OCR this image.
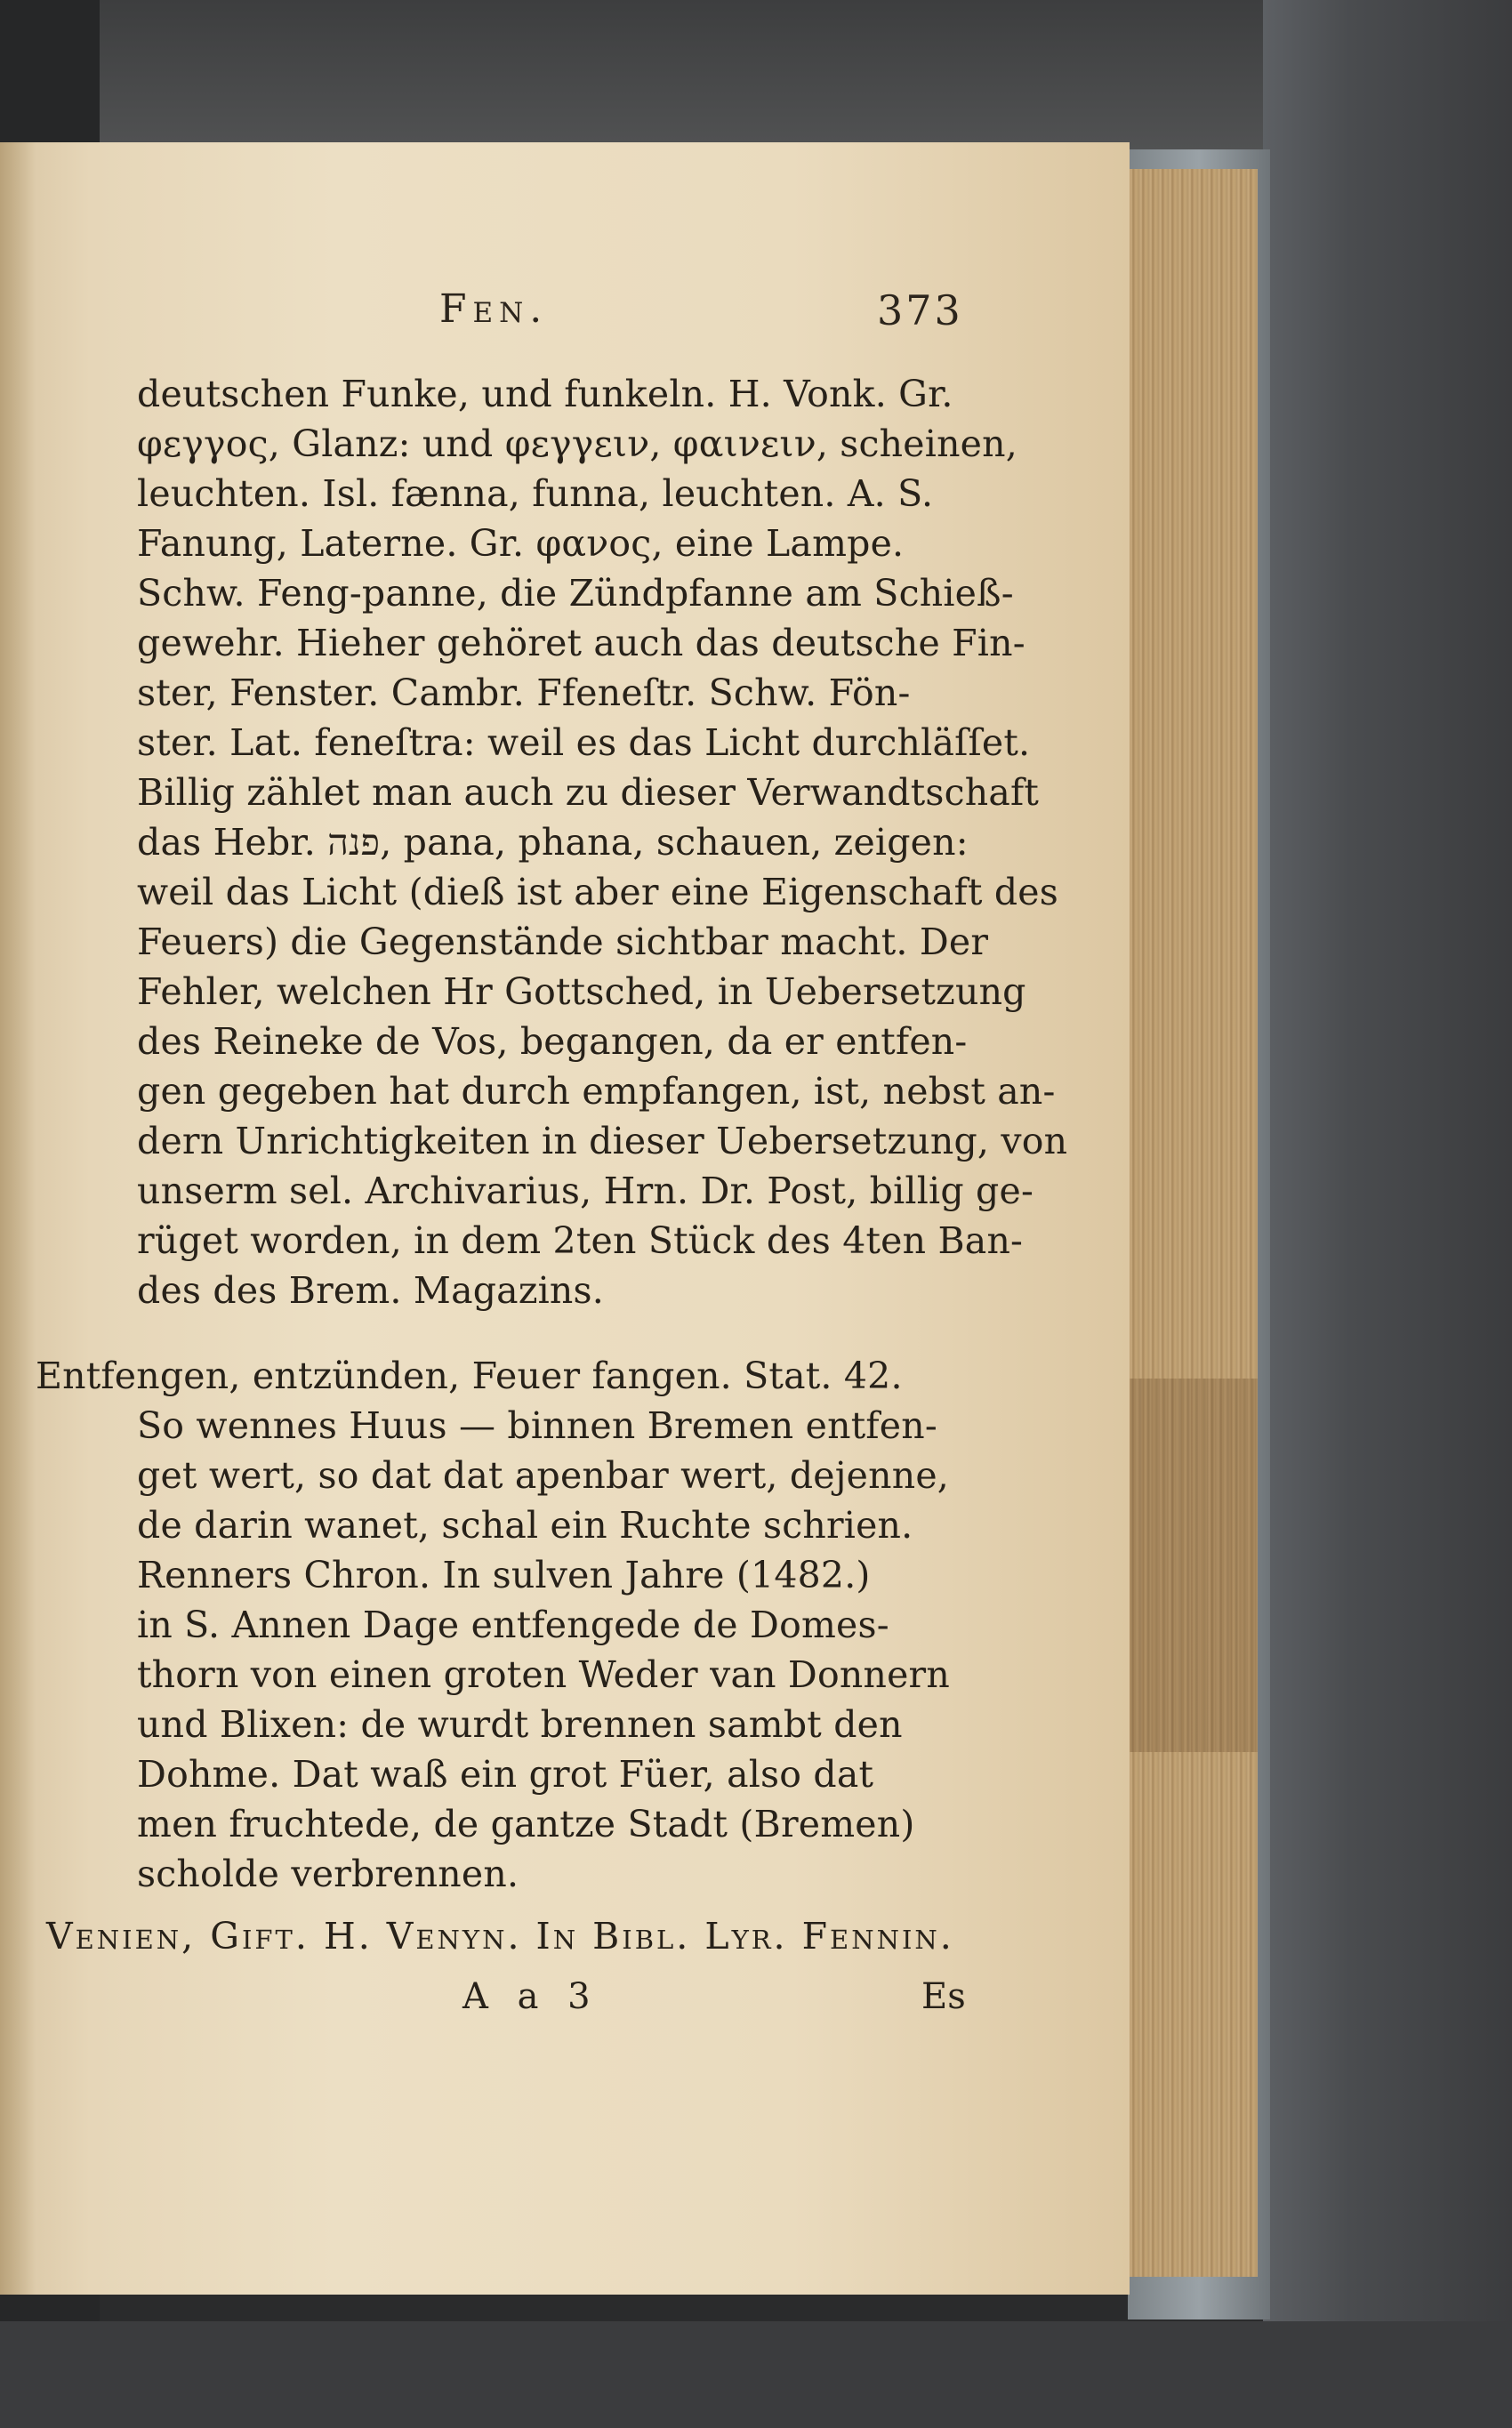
Fen.	373
deutschen Funke, und funkeln. H. Vonk. Gr.
φεγγος, Glanz: und φεγγειν, φαινειν, scheinen,
leuchten. Isl. fænna, funna, leuchten. A. S.
Fanung, Laterne. Gr. φανος, eine Lampe.
Schw. Feng-panne, die Zündpfanne am Schieß-
gewehr. Hieher gehöret auch das deutsche Fin-
ster, Fenster. Cambr. Ffeneſtr. Schw. Fön-
ster. Lat. feneſtra: weil es das Licht durchläſſet.
Billig zählet man auch zu dieser Verwandtschaft
das Hebr. פנה, pana, phana, schauen, zeigen:
weil das Licht (dieß ist aber eine Eigenschaft des
Feuers) die Gegenstände sichtbar macht. Der
Fehler, welchen Hr Gottsched, in Uebersetzung
des Reineke de Vos, begangen, da er entfen-
gen gegeben hat durch empfangen, ist, nebst an-
dern Unrichtigkeiten in dieser Uebersetzung, von
unserm sel. Archivarius, Hrn. Dr. Post, billig ge-
rüget worden, in dem 2ten Stück des 4ten Ban-
des des Brem. Magazins.
Entfengen, entzünden, Feuer fangen. Stat. 42.
So wennes Huus — binnen Bremen entfen-
get wert, so dat dat apenbar wert, dejenne,
de darin wanet, schal ein Ruchte schrien.
Renners Chron. In sulven Jahre (1482.)
in S. Annen Dage entfengede de Domes-
thorn von einen groten Weder van Donnern
und Blixen: de wurdt brennen sambt den
Dohme. Dat waß ein grot Füer, also dat
men fruchtede, de gantze Stadt (Bremen)
scholde verbrennen.
Venien, Gift. H. Venyn. In Bibl. Lyr. Fennin.
A a 3	Es
